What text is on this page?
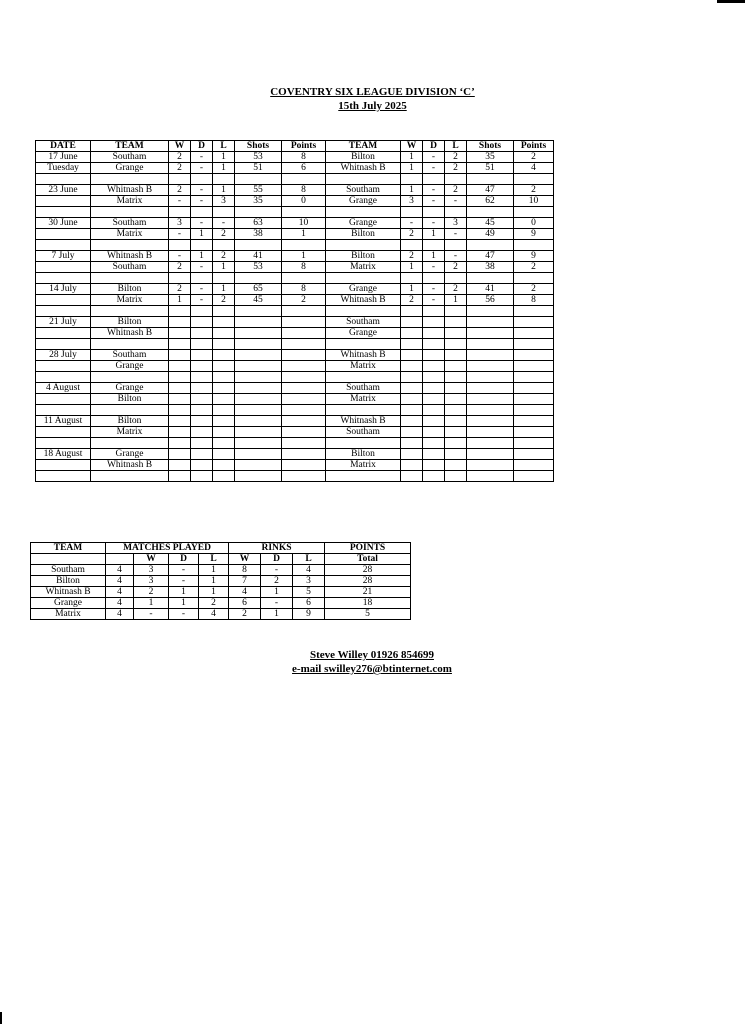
COVENTRY SIX LEAGUE DIVISION ‘C’
15th July 2025
DATE	TEAM	W	D	L	Shots	Points	TEAM	W	D	L	Shots	Points
17 June	Southam	2	-	1	53	8	Bilton	1	-	2	35	2
Tuesday	Grange	2	-	1	51	6	Whitnash B	1	-	2	51	4

23 June	Whitnash B	2	-	1	55	8	Southam	1	-	2	47	2
	Matrix	-	-	3	35	0	Grange	3	-	-	62	10

30 June	Southam	3	-	-	63	10	Grange	-	-	3	45	0
	Matrix	-	1	2	38	1	Bilton	2	1	-	49	9

7 July	Whitnash B	-	1	2	41	1	Bilton	2	1	-	47	9
	Southam	2	-	1	53	8	Matrix	1	-	2	38	2

14 July	Bilton	2	-	1	65	8	Grange	1	-	2	41	2
	Matrix	1	-	2	45	2	Whitnash B	2	-	1	56	8

21 July	Bilton						Southam					
	Whitnash B						Grange					

28 July	Southam						Whitnash B					
	Grange						Matrix					

4 August	Grange						Southam					
	Bilton						Matrix					

11 August	Bilton						Whitnash B					
	Matrix						Southam					

18 August	Grange						Bilton					
	Whitnash B						Matrix					

TEAM	MATCHES PLAYED				RINKS			POINTS
		W	D	L	W	D	L	Total
Southam	4	3	-	1	8	-	4	28
Bilton	4	3	-	1	7	2	3	28
Whitnash B	4	2	1	1	4	1	5	21
Grange	4	1	1	2	6	-	6	18
Matrix	4	-	-	4	2	1	9	5
Steve Willey 01926 854699
e-mail swilley276@btinternet.com
